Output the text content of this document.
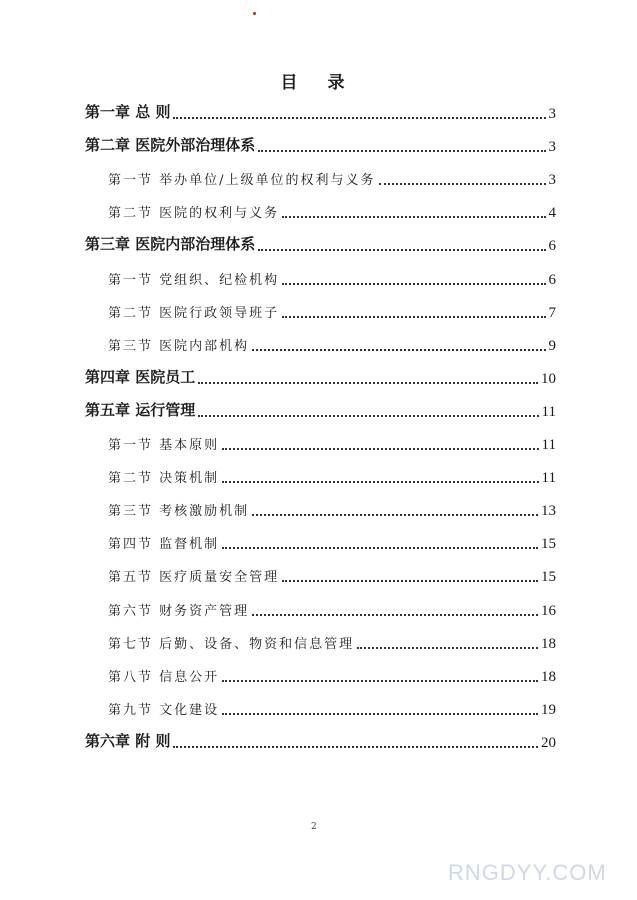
目 录
第一章 总 则	3
第二章 医院外部治理体系	3
第一节 举办单位/上级单位的权利与义务	3
第二节 医院的权利与义务	4
第三章 医院内部治理体系	6
第一节 党组织、纪检机构	6
第二节 医院行政领导班子	7
第三节 医院内部机构	9
第四章 医院员工	10
第五章 运行管理	11
第一节 基本原则	11
第二节 决策机制	11
第三节 考核激励机制	13
第四节 监督机制	15
第五节 医疗质量安全管理	15
第六节 财务资产管理	16
第七节 后勤、设备、物资和信息管理	18
第八节 信息公开	18
第九节 文化建设	19
第六章 附 则	20
2
RNGDYY.COM
